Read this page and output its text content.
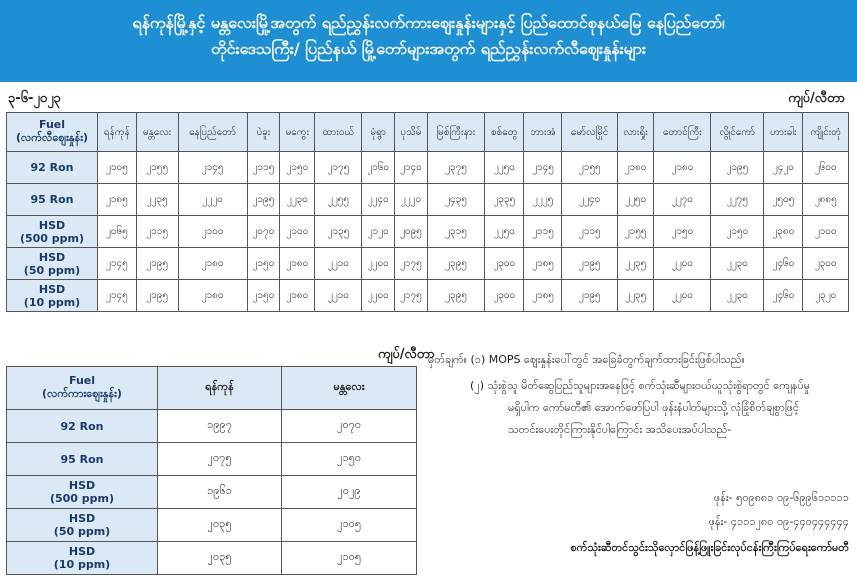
ရန်ကုန်မြို့နှင့် မန္တလေးမြို့အတွက် ရည်ညွှန်းလက်ကားဈေးနှုန်းများနှင့် ပြည်ထောင်စုနယ်မြေ နေပြည်တော်၊
တိုင်းဒေသကြီး/ ပြည်နယ် မြို့တော်များအတွက် ရည်ညွှန်းလက်လီဈေးနှုန်းများ
၃-၆-၂၀၂၃	ကျပ်/လီတာ
Fuel
(လက်လီဈေးနှုန်း)	ရန်ကုန်	မန္တလေး	နေပြည်တော်	ပဲခူး	မကွေး	ထားဝယ်	မုံရွာ	ပုသိမ်	မြစ်ကြီးနား	စစ်တွေ	ဘားအံ	မော်လမြိုင်	လားရှိုး	တောင်ကြီး	လွိုင်ကော်	ဟားခါး	ကျိုင်းတုံ
92 Ron	၂၁၀၅	၂၁၅၅	၂၁၄၅	၂၁၁၅	၂၁၅၀	၂၁၇၅	၂၁၆၀	၂၁၄၀	၂၃၇၅	၂၂၅၀	၂၁၄၅	၂၁၅၅	၂၁၈၀	၂၁၈၀	၂၁၉၅	၂၄၂၀	၂၆၀၀
95 Ron	၂၁၈၅	၂၂၃၅	၂၂၂၀	၂၁၉၅	၂၂၃၀	၂၂၅၅	၂၂၄၀	၂၂၂၀	၂၄၃၅	၂၃၃၅	၂၂၂၅	၂၂၄၀	၂၂၅၀	၂၂၇၀	၂၂၇၅	၂၅၀၅	၂၈၈၅
HSD
(500 ppm)	၂၀၆၅	၂၁၁၅	၂၁၀၀	၂၀၇၀	၂၁၀၀	၂၁၃၅	၂၁၂၀	၂၀၉၅	၂၃၁၅	၂၂၅၀	၂၁၁၅	၂၁၁၅	၂၁၅၅	၂၁၅၀	၂၁၅၀	၂၃၈၀	၂၁၀၀
HSD
(50 ppm)	၂၁၄၅	၂၁၉၅	၂၁၈၀	၂၁၅၀	၂၁၈၀	၂၂၁၀	၂၂၀၀	၂၁၇၅	၂၃၉၅	၂၃၀၀	၂၁၈၅	၂၁၉၅	၂၂၃၅	၂၂၀၀	၂၂၃၀	၂၄၆၀	၂၃၀၀
HSD
(10 ppm)	၂၁၄၅	၂၁၉၅	၂၁၈၀	၂၁၅၀	၂၁၈၀	၂၂၁၀	၂၂၀၀	၂၁၇၅	၂၃၉၅	၂၃၀၀	၂၁၈၅	၂၁၉၅	၂၂၃၅	၂၂၀၀	၂၂၃၀	၂၄၆၀	၂၃၂၀
ကျပ်/လီတာ
Fuel
(လက်ကားဈေးနှုန်း)	ရန်ကုန်	မန္တလေး
92 Ron	၁၉၉၇	၂၀၇၀
95 Ron	၂၀၇၅	၂၁၅၀
HSD
(500 ppm)	၁၉၆၁	၂၀၂၉
HSD
(50 ppm)	၂၀၃၅	၂၁၀၅
HSD
(10 ppm)	၂၀၃၅	၂၁၀၅
မှတ်ချက်။ (၁) MOPS ဈေးနှုန်းပေါ်တွင် အခြေခံတွက်ချက်ထားခြင်းဖြစ်ပါသည်။
(၂) သုံးစွဲသူ မိတ်ဆွေပြည်သူများအနေဖြင့် စက်သုံးဆီများဝယ်ယူသုံးစွဲရာတွင် ကျေနပ်မှု
မရှိပါက ကော်မတီ၏ အောက်ဖော်ပြပါ ဖုန်းနံပါတ်များသို့ လုံခြုံစိတ်ချစွာဖြင့်
သတင်းပေးတိုင်ကြားနိုင်ပါကြောင်း အသိပေးအပ်ပါသည်-
ဖုန်း- ၅၀၉၈၈၁ ၀၉-၆၉၉၆၁၁၁၁၁
ဖုန်း- ၄၁၁၁၂၈၀ ၀၉-၄၄၀၄၄၄၄၄၄
စက်သုံးဆီတင်သွင်းသိုလှောင်ဖြန့်ဖြူးခြင်းလုပ်ငန်းကြီးကြပ်ရေးကော်မတီ
